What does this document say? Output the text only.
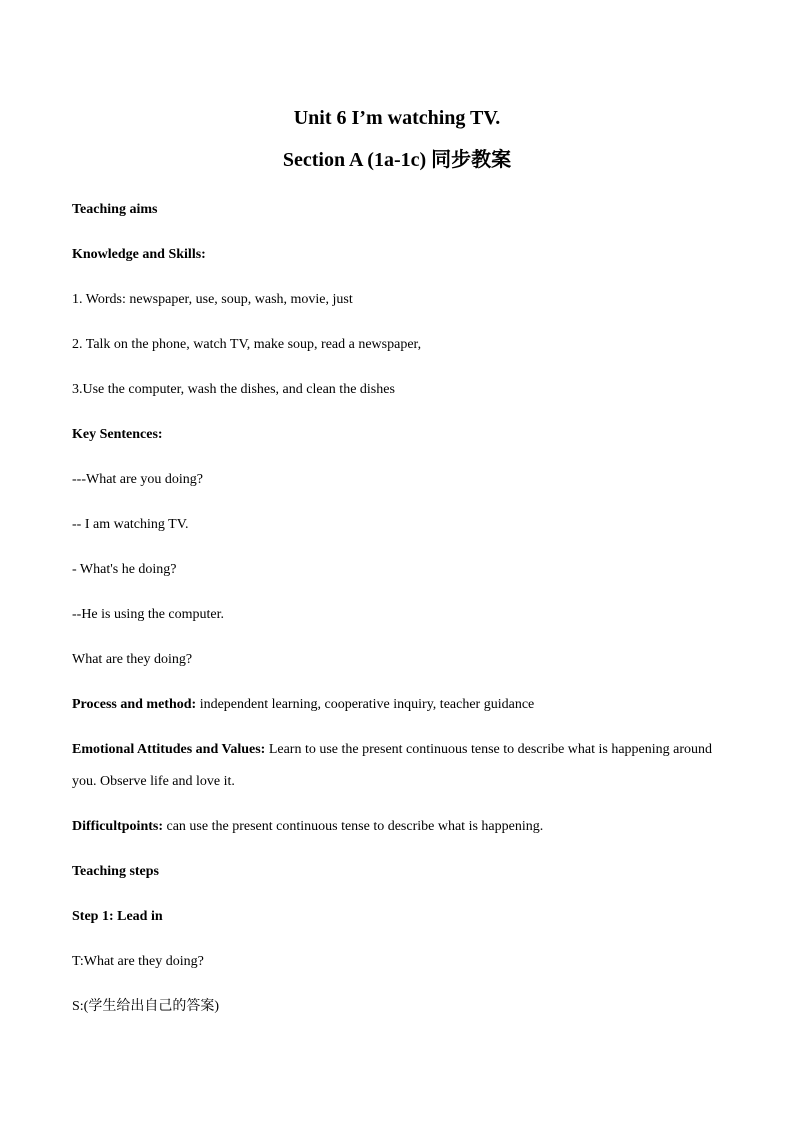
Unit 6 I’m watching TV.
Section A (1a-1c) 同步教案
Teaching aims
Knowledge and Skills:
1. Words: newspaper, use, soup, wash, movie, just
2. Talk on the phone, watch TV, make soup, read a newspaper,
3.Use the computer, wash the dishes, and clean the dishes
Key Sentences:
---What are you doing?
-- I am watching TV.
- What's he doing?
--He is using the computer.
What are they doing?
Process and method: independent learning, cooperative inquiry, teacher guidance
Emotional Attitudes and Values: Learn to use the present continuous tense to describe what is happening around you. Observe life and love it.
Difficultpoints: can use the present continuous tense to describe what is happening.
Teaching steps
Step 1: Lead in
T:What are they doing?
S:(学生给出自己的答案)
